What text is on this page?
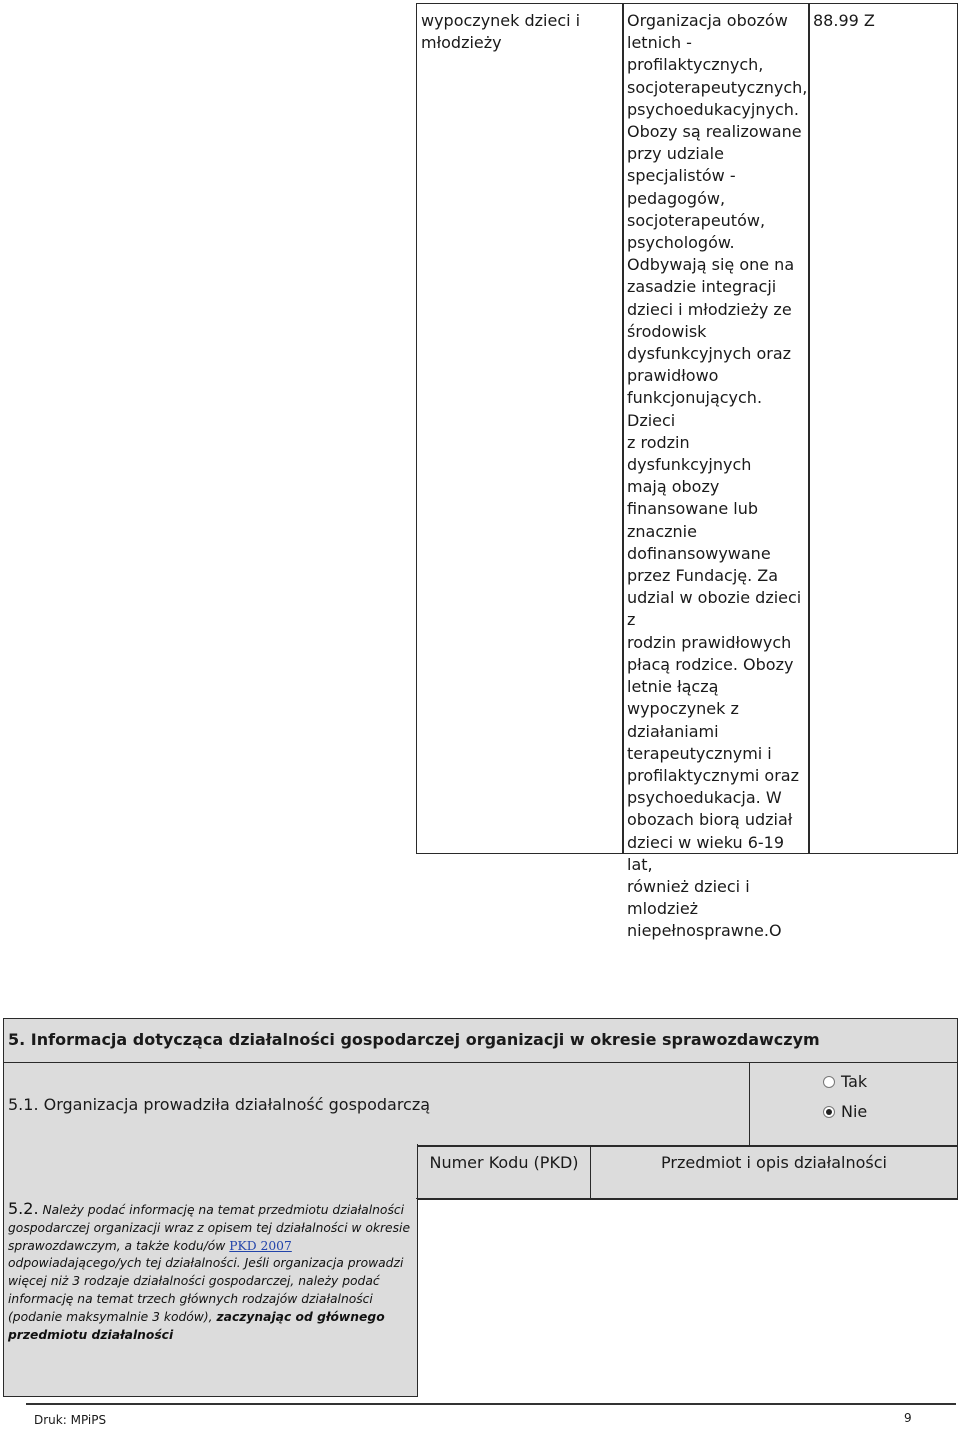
wypoczynek dzieci i
młodzieży
Organizacja obozów
letnich -
profilaktycznych,
socjoterapeutycznych,
psychoedukacyjnych.
Obozy są realizowane
przy udziale
specjalistów -
pedagogów,
socjoterapeutów,
psychologów.
Odbywają się one na
zasadzie integracji
dzieci i młodzieży ze
środowisk
dysfunkcyjnych oraz
prawidłowo
funkcjonujących. Dzieci
z rodzin dysfunkcyjnych
mają obozy
finansowane lub
znacznie
dofinansowywane
przez Fundację. Za
udzial w obozie dzieci z
rodzin prawidłowych
płacą rodzice. Obozy
letnie łączą
wypoczynek z
działaniami
terapeutycznymi i
profilaktycznymi oraz
psychoedukacja. W
obozach biorą udział
dzieci w wieku 6-19 lat,
również dzieci i
mlodzież
niepełnosprawne.O
88.99 Z
5. Informacja dotycząca działalności gospodarczej organizacji w okresie sprawozdawczym
5.1. Organizacja prowadziła działalność gospodarczą
Tak
Nie
Numer Kodu (PKD)	Przedmiot i opis działalności
5.2. Należy podać informację na temat przedmiotu działalności gospodarczej organizacji wraz z opisem tej działalności w okresie sprawozdawczym, a także kodu/ów PKD 2007 odpowiadającego/ych tej działalności. Jeśli organizacja prowadzi więcej niż 3 rodzaje działalności gospodarczej, należy podać informację na temat trzech głównych rodzajów działalności (podanie maksymalnie 3 kodów), zaczynając od głównego przedmiotu działalności
Druk: MPiPS	9
